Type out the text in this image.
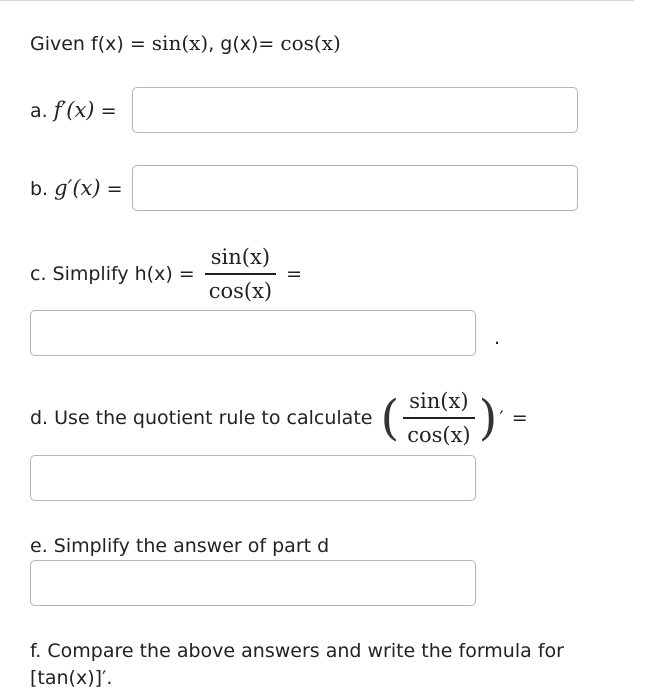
Given f(x) = sin(x), g(x)= cos(x)
a. f′(x) =
b. g′(x) =
c. Simplify $h(x) = \frac{\sin(x)}{\cos(x)}$ =
.
d. Use the quotient rule to calculate ( $\frac{\sin(x)}{\cos(x)}$ ) ′ =
e. Simplify the answer of part d
f. Compare the above answers and write the formula for
[tan(x)]′.
